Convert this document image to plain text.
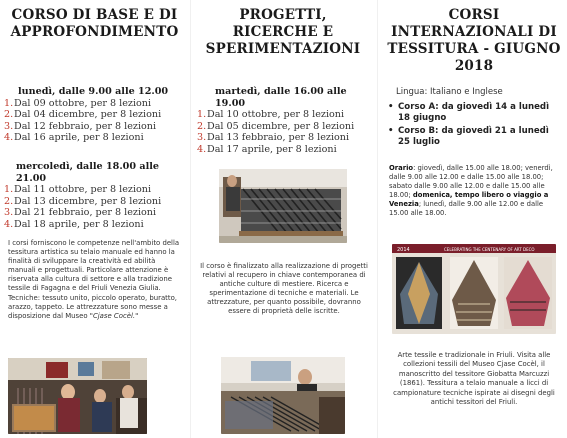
CORSO DI BASE E DI APPROFONDIMENTO
lunedì, dalle 9.00 alle 12.00
1.Dal 09 ottobre, per 8 lezioni
2.Dal 04 dicembre, per 8 lezioni
3.Dal 12 febbraio, per 8 lezioni
4.Dal 16 aprile, per 8 lezioni
mercoledì, dalle 18.00 alle 21.00
1.Dal 11 ottobre, per 8 lezioni
2.Dal 13 dicembre, per 8 lezioni
3.Dal 21 febbraio, per 8 lezioni
4.Dal 18 aprile, per 8 lezioni
I corsi forniscono le competenze nell'ambito della tessitura artistica su telaio manuale ed hanno la finalità di sviluppare la creatività ed abilità manuali e progettuali. Particolare attenzione è riservata alla cultura di settore e alla tradizione tessile di Fagagna e del Friuli Venezia Giulia. Tecniche: tessuto unito, piccolo operato, buratto, arazzo, tappeto. Le attrezzature sono messe a disposizione dal Museo "Cjase Cocèl."
PROGETTI, RICERCHE E SPERIMENTAZIONI
martedì, dalle 16.00 alle 19.00
1.Dal 10 ottobre, per 8 lezioni
2.Dal 05 dicembre, per 8 lezioni
3.Dal 13 febbraio, per 8 lezioni
4.Dal 17 aprile, per 8 lezioni
Il corso è finalizzato alla realizzazione di progetti relativi al recupero in chiave contemporanea di antiche culture di mestiere. Ricerca e sperimentazione di tecniche e materiali. Le attrezzature, per quanto possibile, dovranno essere di proprietà delle iscritte.
CORSI INTERNAZIONALI DI TESSITURA - GIUGNO 2018
Lingua: Italiano e Inglese
• Corso A: da giovedì 14 a lunedì 18 giugno
• Corso B: da giovedì 21 a lunedì 25 luglio
Orario: giovedì, dalle 15.00 alle 18.00; venerdì, dalle 9.00 alle 12.00 e dalle 15.00 alle 18.00; sabato dalle 9.00 alle 12.00 e dalle 15.00 alle 18.00; domenica, tempo libero o viaggio a Venezia; lunedì, dalle 9.00 alle 12.00 e dalle 15.00 alle 18.00.
2014	CELEBRATING THE CENTENARY OF ART DECO
Arte tessile e tradizionale in Friuli. Visita alle collezioni tessili del Museo Cjase Cocèl, il manoscritto del tessitore Giobatta Marcuzzi (1861). Tessitura a telaio manuale a licci di campionature tecniche ispirate ai disegni degli antichi tessitori del Friuli.
